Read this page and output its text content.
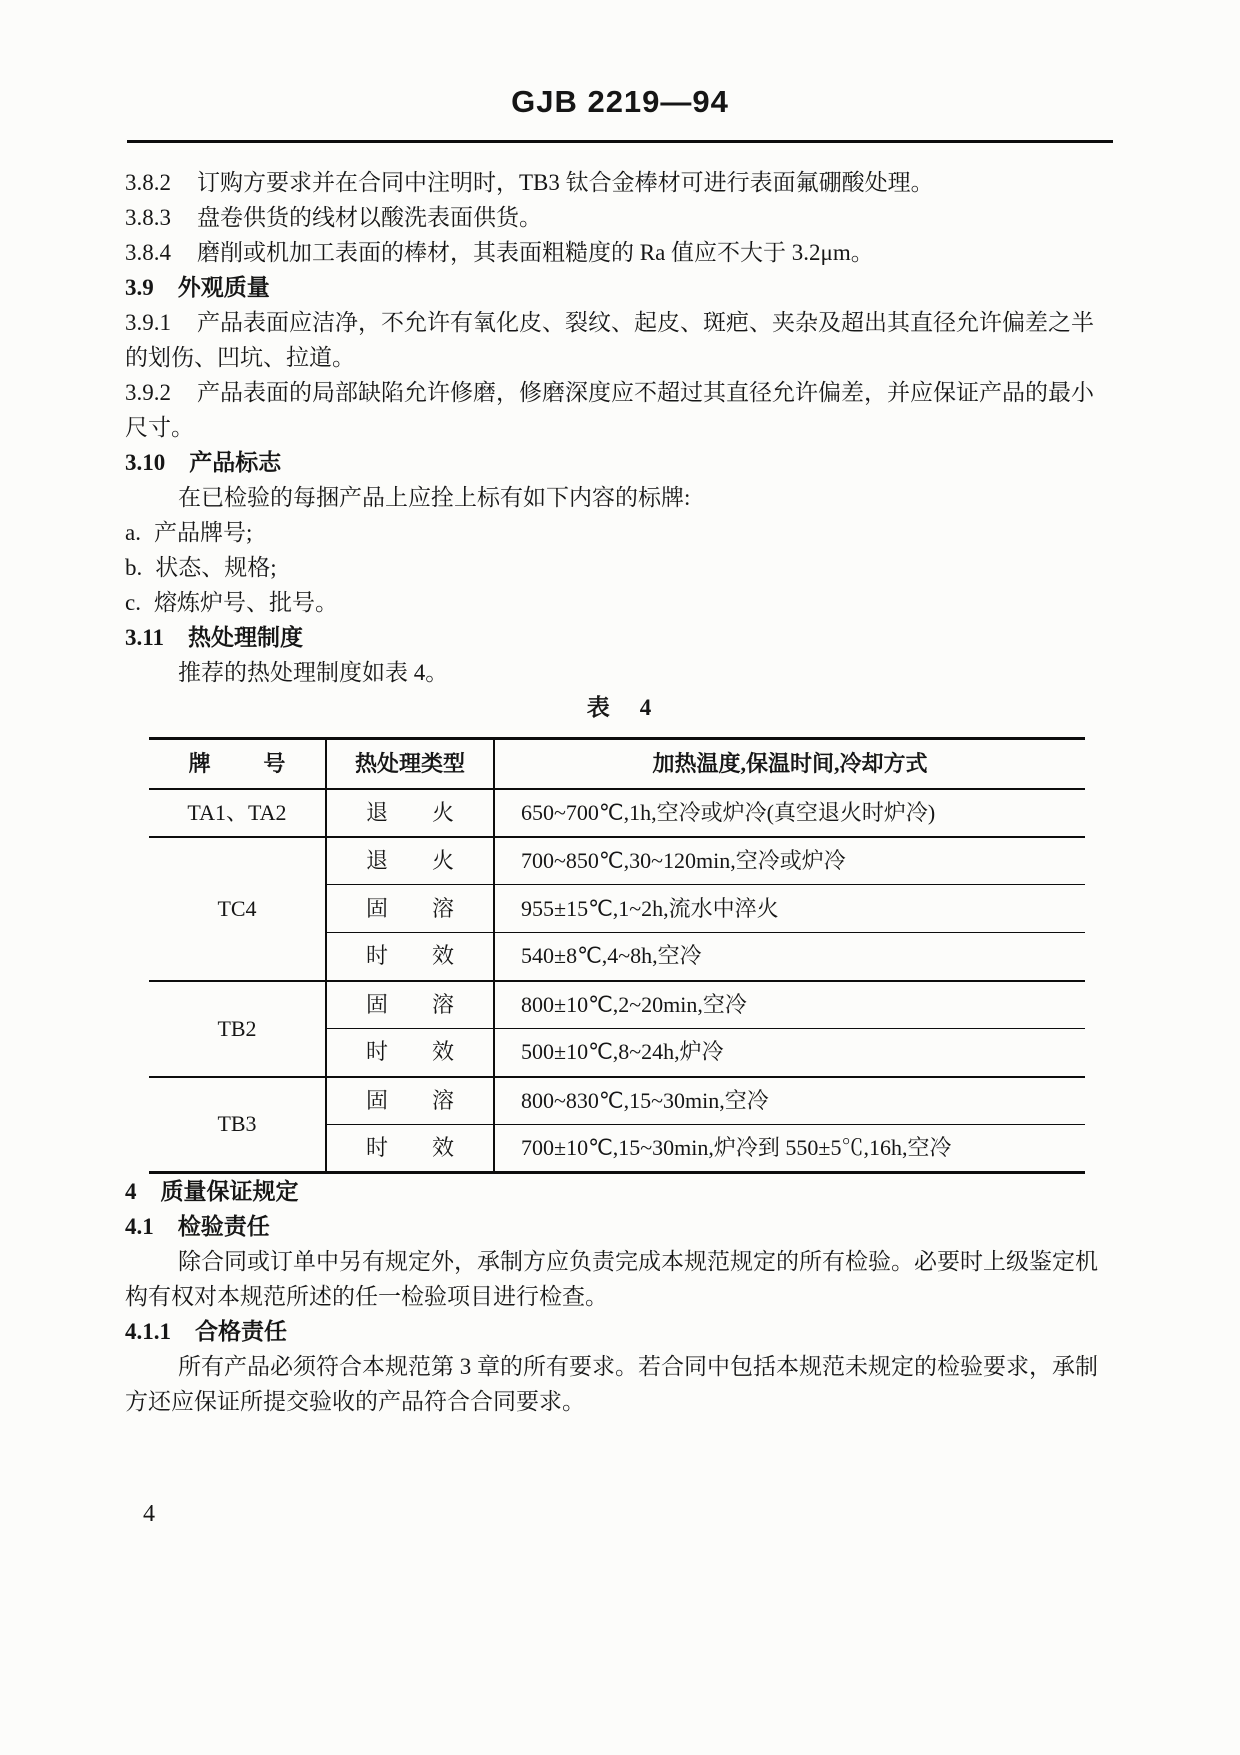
GJB 2219—94

3.8.2 订购方要求并在合同中注明时，TB3 钛合金棒材可进行表面氟硼酸处理。

3.8.3 盘卷供货的线材以酸洗表面供货。

3.8.4 磨削或机加工表面的棒材，其表面粗糙度的 Ra 值应不大于 3.2μm。

3.9 外观质量

3.9.1 产品表面应洁净，不允许有氧化皮、裂纹、起皮、斑疤、夹杂及超出其直径允许偏差之半的划伤、凹坑、拉道。

3.9.2 产品表面的局部缺陷允许修磨，修磨深度应不超过其直径允许偏差，并应保证产品的最小尺寸。

3.10 产品标志

在已检验的每捆产品上应拴上标有如下内容的标牌:

a. 产品牌号;

b. 状态、规格;

c. 熔炼炉号、批号。

3.11 热处理制度

推荐的热处理制度如表 4。

表 4

牌号	热处理类型	加热温度,保温时间,冷却方式
TA1、TA2	退火	650~700℃,1h,空冷或炉冷(真空退火时炉冷)
TC4	退火	700~850℃,30~120min,空冷或炉冷
	固溶	955±15℃,1~2h,流水中淬火
	时效	540±8℃,4~8h,空冷
TB2	固溶	800±10℃,2~20min,空冷
	时效	500±10℃,8~24h,炉冷
TB3	固溶	800~830℃,15~30min,空冷
	时效	700±10℃,15~30min,炉冷到 550±5℃,16h,空冷

4 质量保证规定

4.1 检验责任

除合同或订单中另有规定外，承制方应负责完成本规范规定的所有检验。必要时上级鉴定机构有权对本规范所述的任一检验项目进行检查。

4.1.1 合格责任

所有产品必须符合本规范第 3 章的所有要求。若合同中包括本规范未规定的检验要求，承制方还应保证所提交验收的产品符合合同要求。

4
